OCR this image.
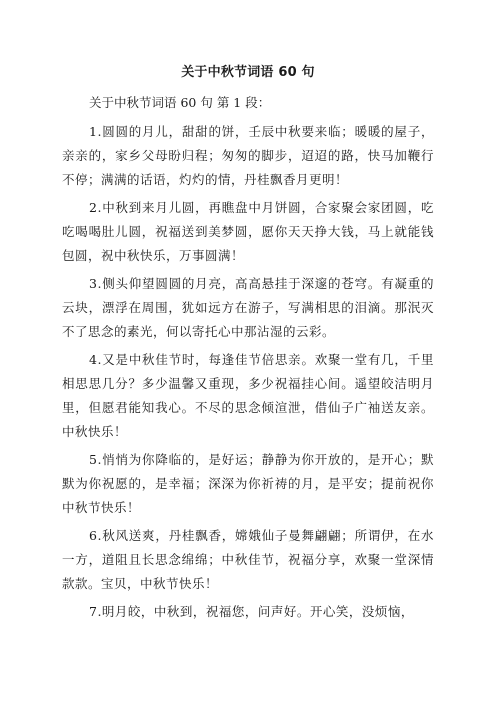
关于中秋节词语 60 句
关于中秋节词语 60 句 第 1 段：

1.圆圆的月儿，甜甜的饼，壬辰中秋要来临；暖暖的屋子，亲亲的，家乡父母盼归程；匆匆的脚步，迢迢的路，快马加鞭行不停；满满的话语，灼灼的情，丹桂飘香月更明！

2.中秋到来月儿圆，再瞧盘中月饼圆，合家聚会家团圆，吃吃喝喝肚儿圆，祝福送到美梦圆，愿你天天挣大钱，马上就能钱包圆，祝中秋快乐，万事圆满！

3.侧头仰望圆圆的月亮，高高悬挂于深邃的苍穹。有凝重的云块，漂浮在周围，犹如远方在游子，写满相思的泪滴。那泯灭不了思念的素光，何以寄托心中那沾湿的云彩。

4.又是中秋佳节时，每逢佳节倍思亲。欢聚一堂有几，千里相思思几分？多少温馨又重现，多少祝福挂心间。遥望皎洁明月里，但愿君能知我心。不尽的思念倾渲泄，借仙子广袖送友亲。中秋快乐！

5.悄悄为你降临的，是好运；静静为你开放的，是开心；默默为你祝愿的，是幸福；深深为你祈祷的月，是平安；提前祝你中秋节快乐！

6.秋风送爽，丹桂飘香，嫦娥仙子曼舞翩翩；所谓伊，在水一方，道阻且长思念绵绵；中秋佳节，祝福分享，欢聚一堂深情款款。宝贝，中秋节快乐！

7.明月皎，中秋到，祝福您，问声好。开心笑，没烦恼，
